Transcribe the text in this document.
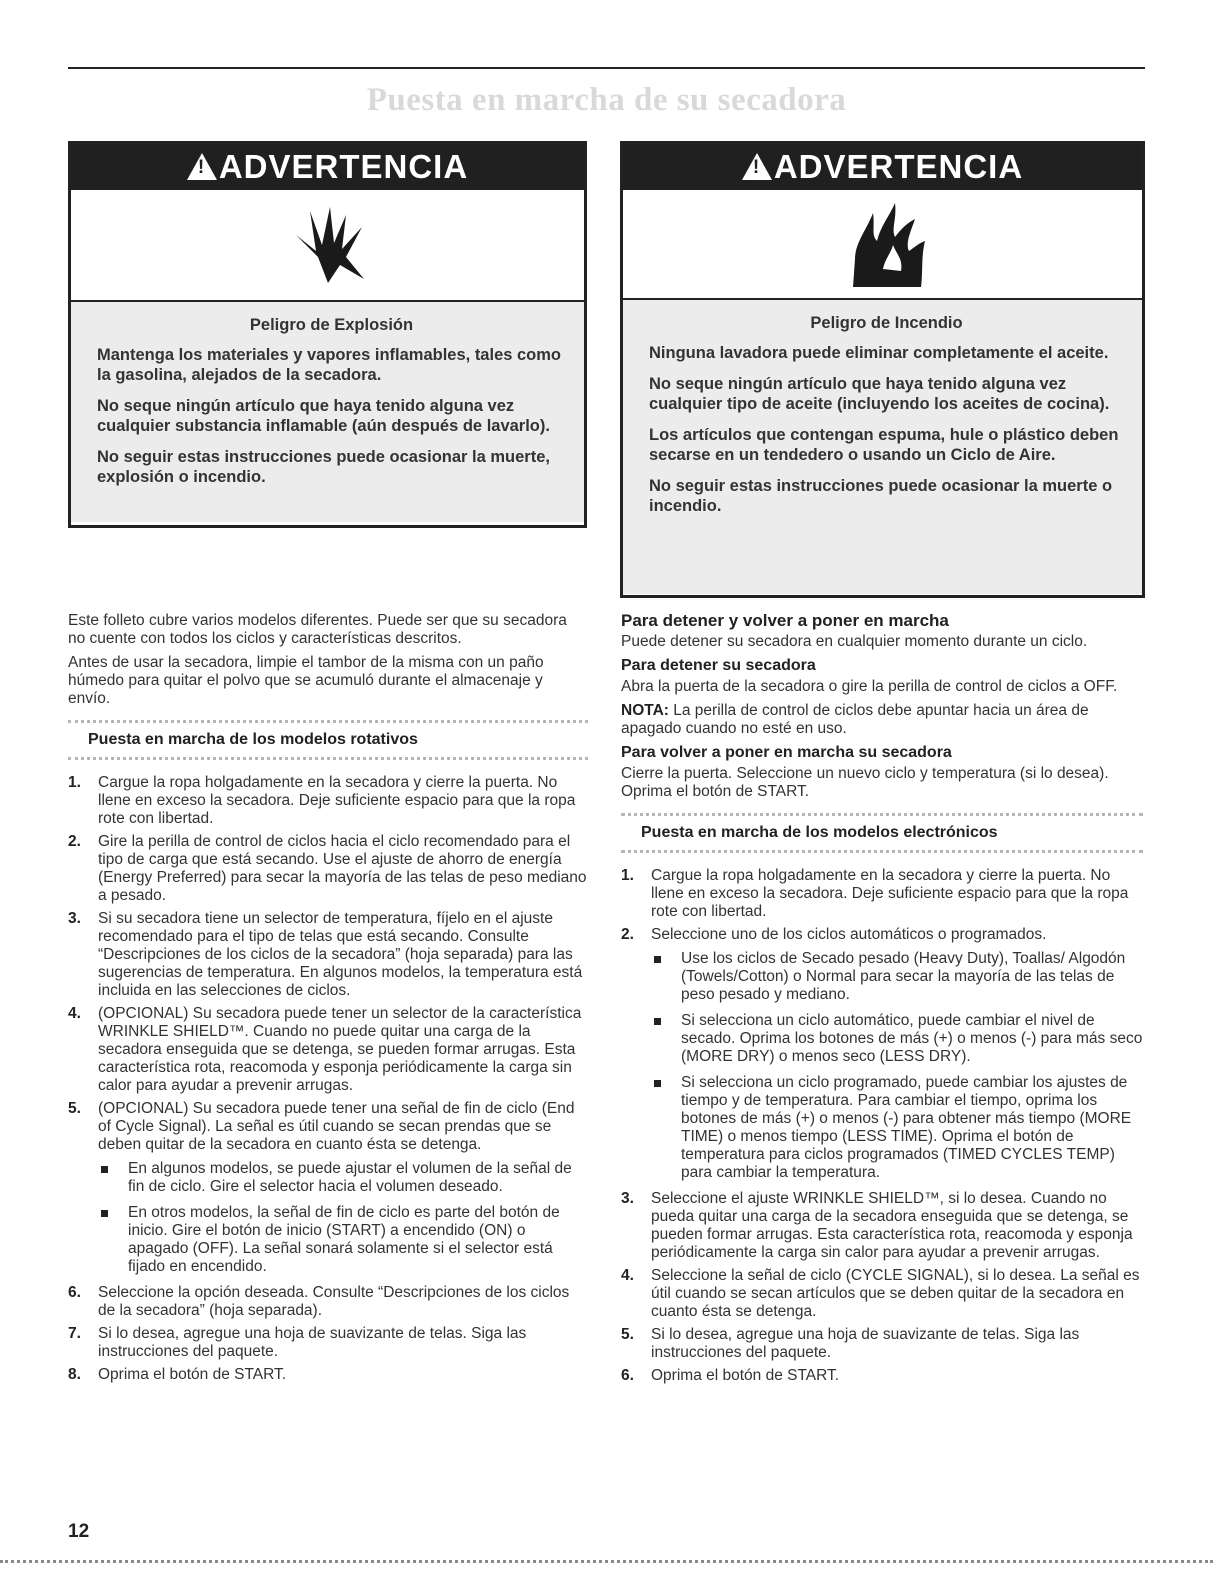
Puesta en marcha de su secadora
!ADVERTENCIA
Peligro de Explosión

Mantenga los materiales y vapores inflamables, tales como la gasolina, alejados de la secadora.

No seque ningún artículo que haya tenido alguna vez cualquier substancia inflamable (aún después de lavarlo).

No seguir estas instrucciones puede ocasionar la muerte, explosión o incendio.

!ADVERTENCIA
Peligro de Incendio

Ninguna lavadora puede eliminar completamente el aceite.

No seque ningún artículo que haya tenido alguna vez cualquier tipo de aceite (incluyendo los aceites de cocina).

Los artículos que contengan espuma, hule o plástico deben secarse en un tendedero o usando un Ciclo de Aire.

No seguir estas instrucciones puede ocasionar la muerte o incendio.

Este folleto cubre varios modelos diferentes. Puede ser que su secadora no cuente con todos los ciclos y características descritos.

Antes de usar la secadora, limpie el tambor de la misma con un paño húmedo para quitar el polvo que se acumuló durante el almacenaje y envío.

Puesta en marcha de los modelos rotativos
1. Cargue la ropa holgadamente en la secadora y cierre la puerta. No llene en exceso la secadora. Deje suficiente espacio para que la ropa rote con libertad.
2. Gire la perilla de control de ciclos hacia el ciclo recomendado para el tipo de carga que está secando. Use el ajuste de ahorro de energía (Energy Preferred) para secar la mayoría de las telas de peso mediano a pesado.
3. Si su secadora tiene un selector de temperatura, fíjelo en el ajuste recomendado para el tipo de telas que está secando. Consulte “Descripciones de los ciclos de la secadora” (hoja separada) para las sugerencias de temperatura. En algunos modelos, la temperatura está incluida en las selecciones de ciclos.
4. (OPCIONAL) Su secadora puede tener un selector de la característica WRINKLE SHIELD™. Cuando no puede quitar una carga de la secadora enseguida que se detenga, se pueden formar arrugas. Esta característica rota, reacomoda y esponja periódicamente la carga sin calor para ayudar a prevenir arrugas.
5. (OPCIONAL) Su secadora puede tener una señal de fin de ciclo (End of Cycle Signal). La señal es útil cuando se secan prendas que se deben quitar de la secadora en cuanto ésta se detenga.
En algunos modelos, se puede ajustar el volumen de la señal de fin de ciclo. Gire el selector hacia el volumen deseado.
En otros modelos, la señal de fin de ciclo es parte del botón de inicio. Gire el botón de inicio (START) a encendido (ON) o apagado (OFF). La señal sonará solamente si el selector está fijado en encendido.
6. Seleccione la opción deseada. Consulte “Descripciones de los ciclos de la secadora” (hoja separada).
7. Si lo desea, agregue una hoja de suavizante de telas. Siga las instrucciones del paquete.
8. Oprima el botón de START.
Para detener y volver a poner en marcha

Puede detener su secadora en cualquier momento durante un ciclo.

Para detener su secadora

Abra la puerta de la secadora o gire la perilla de control de ciclos a OFF.

NOTA: La perilla de control de ciclos debe apuntar hacia un área de apagado cuando no esté en uso.

Para volver a poner en marcha su secadora

Cierre la puerta. Seleccione un nuevo ciclo y temperatura (si lo desea). Oprima el botón de START.

Puesta en marcha de los modelos electrónicos
1. Cargue la ropa holgadamente en la secadora y cierre la puerta. No llene en exceso la secadora. Deje suficiente espacio para que la ropa rote con libertad.
2. Seleccione uno de los ciclos automáticos o programados.
Use los ciclos de Secado pesado (Heavy Duty), Toallas/ Algodón (Towels/Cotton) o Normal para secar la mayoría de las telas de peso pesado y mediano.
Si selecciona un ciclo automático, puede cambiar el nivel de secado. Oprima los botones de más (+) o menos (-) para más seco (MORE DRY) o menos seco (LESS DRY).
Si selecciona un ciclo programado, puede cambiar los ajustes de tiempo y de temperatura. Para cambiar el tiempo, oprima los botones de más (+) o menos (-) para obtener más tiempo (MORE TIME) o menos tiempo (LESS TIME). Oprima el botón de temperatura para ciclos programados (TIMED CYCLES TEMP) para cambiar la temperatura.
3. Seleccione el ajuste WRINKLE SHIELD™, si lo desea. Cuando no pueda quitar una carga de la secadora enseguida que se detenga, se pueden formar arrugas. Esta característica rota, reacomoda y esponja periódicamente la carga sin calor para ayudar a prevenir arrugas.
4. Seleccione la señal de ciclo (CYCLE SIGNAL), si lo desea. La señal es útil cuando se secan artículos que se deben quitar de la secadora en cuanto ésta se detenga.
5. Si lo desea, agregue una hoja de suavizante de telas. Siga las instrucciones del paquete.
6. Oprima el botón de START.
12
